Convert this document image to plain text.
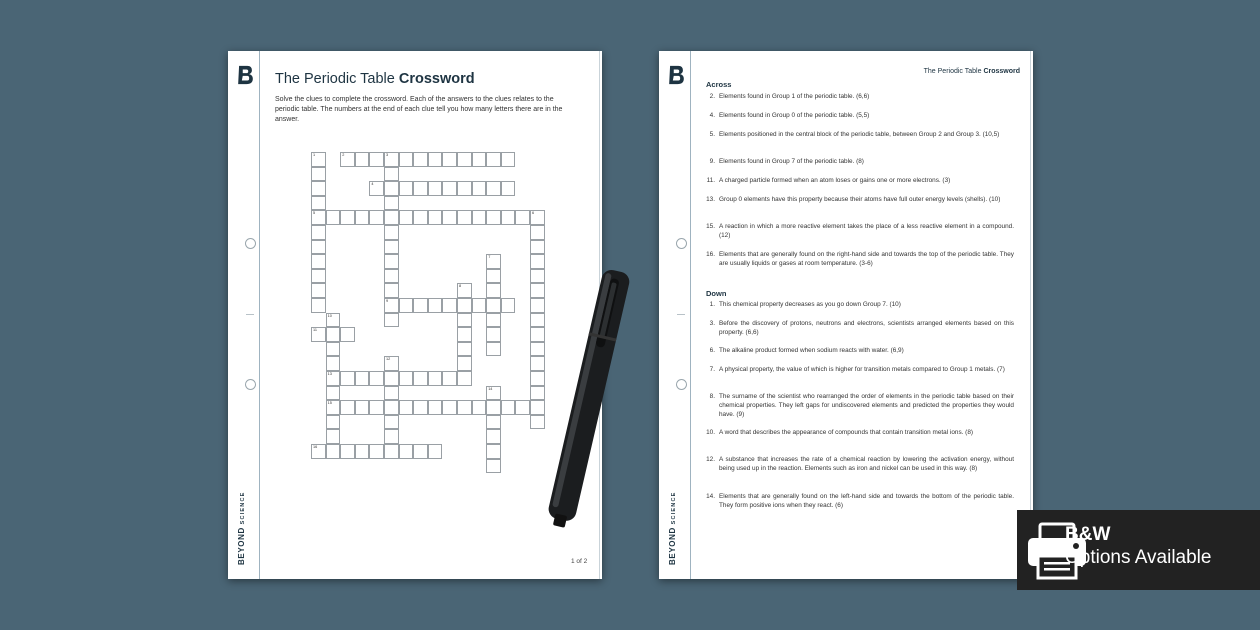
BEYOND SCIENCE
The Periodic Table Crossword
Solve the clues to complete the crossword. Each of the answers to the clues relates to the periodic table. The numbers at the end of each clue tell you how many letters there are in the answer.
1	2	3
9
4
5	6
7
8
10
13
15
11
12
14
16
1 of 2	BEYOND SCIENCE
The Periodic Table Crossword
Across
2. Elements found in Group 1 of the periodic table. (6,6)
4. Elements found in Group 0 of the periodic table. (5,5)
5. Elements positioned in the central block of the periodic table, between Group 2 and Group 3. (10,5)
9. Elements found in Group 7 of the periodic table. (8)
11. A charged particle formed when an atom loses or gains one or more electrons. (3)
13. Group 0 elements have this property because their atoms have full outer energy levels (shells). (10)
15. A reaction in which a more reactive element takes the place of a less reactive element in a compound. (12)
16. Elements that are generally found on the right-hand side and towards the top of the periodic table. They are usually liquids or gases at room temperature. (3-6)
Down
1. This chemical property decreases as you go down Group 7. (10)
3. Before the discovery of protons, neutrons and electrons, scientists arranged elements based on this property. (6,6)
6. The alkaline product formed when sodium reacts with water. (6,9)
7. A physical property, the value of which is higher for transition metals compared to Group 1 metals. (7)
8. The surname of the scientist who rearranged the order of elements in the periodic table based on their chemical properties. They left gaps for undiscovered elements and predicted the properties they would have. (9)
10. A word that describes the appearance of compounds that contain transition metal ions. (8)
12. A substance that increases the rate of a chemical reaction by lowering the activation energy, without being used up in the reaction. Elements such as iron and nickel can be used in this way. (8)
14. Elements that are generally found on the left-hand side and towards the bottom of the periodic table. They form positive ions when they react. (6)
B&W
Options Available
